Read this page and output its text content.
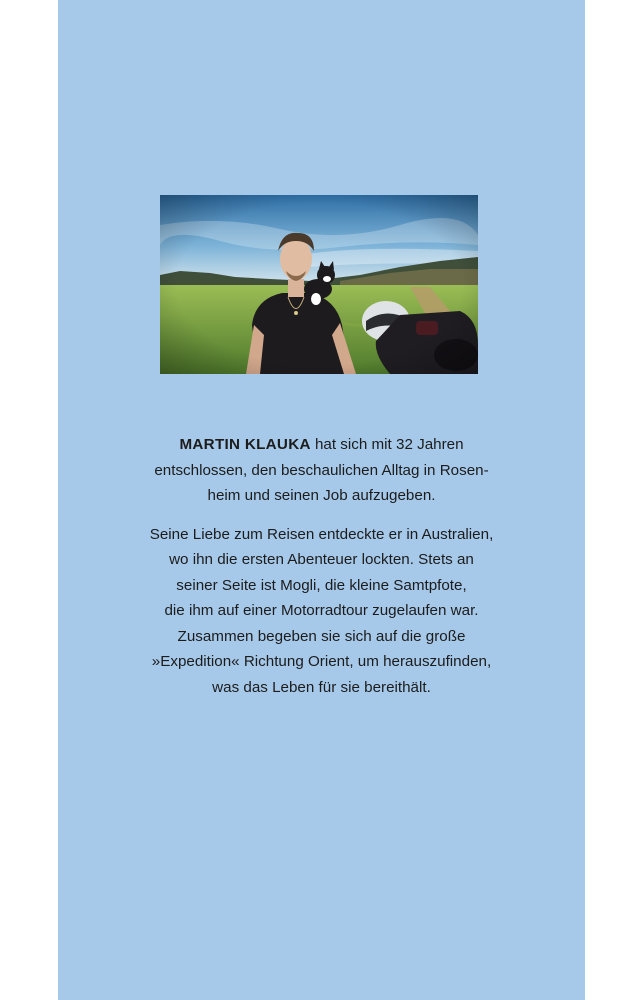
MARTIN KLAUKA hat sich mit 32 Jahren
entschlossen, den beschaulichen Alltag in Rosen-
heim und seinen Job aufzugeben.

Seine Liebe zum Reisen entdeckte er in Australien,
wo ihn die ersten Abenteuer lockten. Stets an
seiner Seite ist Mogli, die kleine Samtpfote,
die ihm auf einer Motorradtour zugelaufen war.
Zusammen begeben sie sich auf die große
»Expedition« Richtung Orient, um herauszufinden,
was das Leben für sie bereithält.
